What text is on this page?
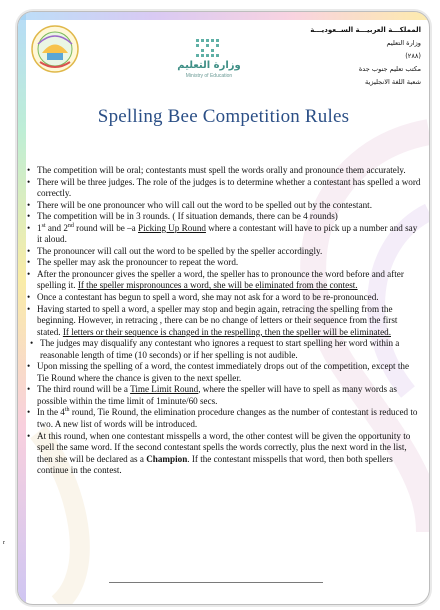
وزارة التعليم
Ministry of Education
المملكـــة العربيـــة الســعوديـــة
وزارة التعليم
(٢٨٨)
مكتب تعليم جنوب جدة
شعبة اللغة الانجليزية
Spelling Bee Competition Rules
• The competition will be oral; contestants must spell the words orally and pronounce them accurately.
• There will be three judges. The role of the judges is to determine whether a contestant has spelled a word correctly.
• There will be one pronouncer who will call out the word to be spelled out by the contestant.
• The competition will be in 3 rounds. ( If situation demands, there can be 4 rounds)
• 1st and 2nd round will be –a Picking Up Round where a contestant will have to pick up a number and say it aloud.
• The pronouncer will call out the word to be spelled by the speller accordingly.
• The speller may ask the pronouncer to repeat the word.
• After the pronouncer gives the speller a word, the speller has to pronounce the word before and after spelling it. If the speller mispronounces a word, she will be eliminated from the contest.
• Once a contestant has begun to spell a word, she may not ask for a word to be re-pronounced.
• Having started to spell a word, a speller may stop and begin again, retracing the spelling from the beginning. However, in retracing , there can be no change of letters or their sequence from the first stated. If letters or their sequence is changed in the respelling, then the speller will be eliminated.
• The judges may disqualify any contestant who ignores a request to start spelling her word within a reasonable length of time (10 seconds) or if her spelling is not audible.
• Upon missing the spelling of a word, the contest immediately drops out of the competition, except the Tie Round where the chance is given to the next speller.
• The third round will be a Time Limit Round, where the speller will have to spell as many words as possible within the time limit of 1minute/60 secs.
• In the 4th round, Tie Round, the elimination procedure changes as the number of contestant is reduced to two. A new list of words will be introduced.
• At this round, when one contestant misspells a word, the other contest will be given the opportunity to spell the same word. If the second contestant spells the words correctly, plus the next word in the list, then she will be declared as a Champion. If the contestant misspells that word, then both spellers continue in the contest.
r
